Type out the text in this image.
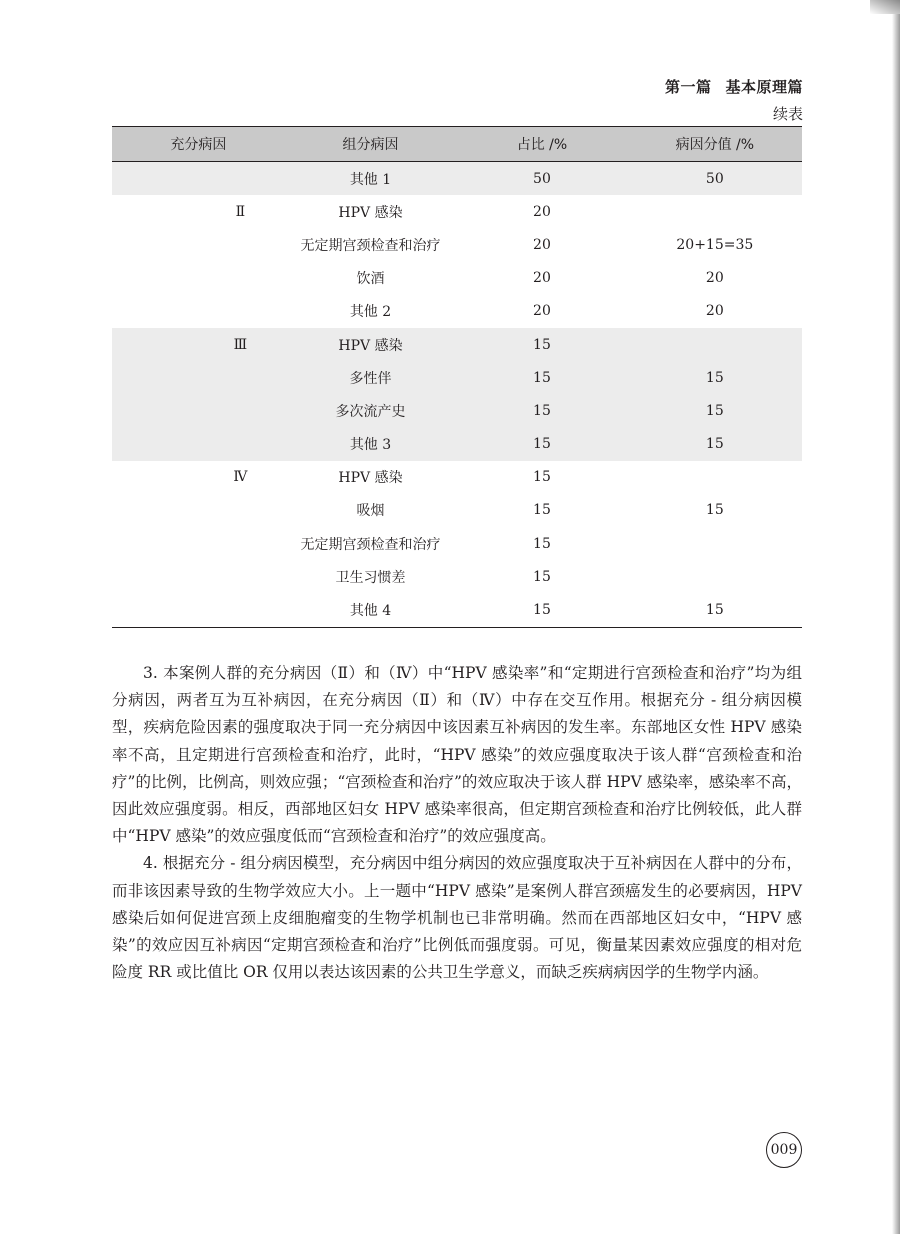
第一篇 基本原理篇
续表
充分病因	组分病因	占比 /%	病因分值 /%
	其他 1	50	50
Ⅱ	HPV 感染	20	
	无定期宫颈检查和治疗	20	20+15=35
	饮酒	20	20
	其他 2	20	20
Ⅲ	HPV 感染	15	
	多性伴	15	15
	多次流产史	15	15
	其他 3	15	15
Ⅳ	HPV 感染	15	
	吸烟	15	15
	无定期宫颈检查和治疗	15	
	卫生习惯差	15	
	其他 4	15	15

3. 本案例人群的充分病因（Ⅱ）和（Ⅳ）中“HPV 感染率”和“定期进行宫颈检查和治疗”均为组分病因，两者互为互补病因，在充分病因（Ⅱ）和（Ⅳ）中存在交互作用。根据充分 - 组分病因模型，疾病危险因素的强度取决于同一充分病因中该因素互补病因的发生率。东部地区女性 HPV 感染率不高，且定期进行宫颈检查和治疗，此时，“HPV 感染”的效应强度取决于该人群“宫颈检查和治疗”的比例，比例高，则效应强；“宫颈检查和治疗”的效应取决于该人群 HPV 感染率，感染率不高，因此效应强度弱。相反，西部地区妇女 HPV 感染率很高，但定期宫颈检查和治疗比例较低，此人群中“HPV 感染”的效应强度低而“宫颈检查和治疗”的效应强度高。

4. 根据充分 - 组分病因模型，充分病因中组分病因的效应强度取决于互补病因在人群中的分布，而非该因素导致的生物学效应大小。上一题中“HPV 感染”是案例人群宫颈癌发生的必要病因，HPV 感染后如何促进宫颈上皮细胞瘤变的生物学机制也已非常明确。然而在西部地区妇女中，“HPV 感染”的效应因互补病因“定期宫颈检查和治疗”比例低而强度弱。可见，衡量某因素效应强度的相对危险度 RR 或比值比 OR 仅用以表达该因素的公共卫生学意义，而缺乏疾病病因学的生物学内涵。

009
